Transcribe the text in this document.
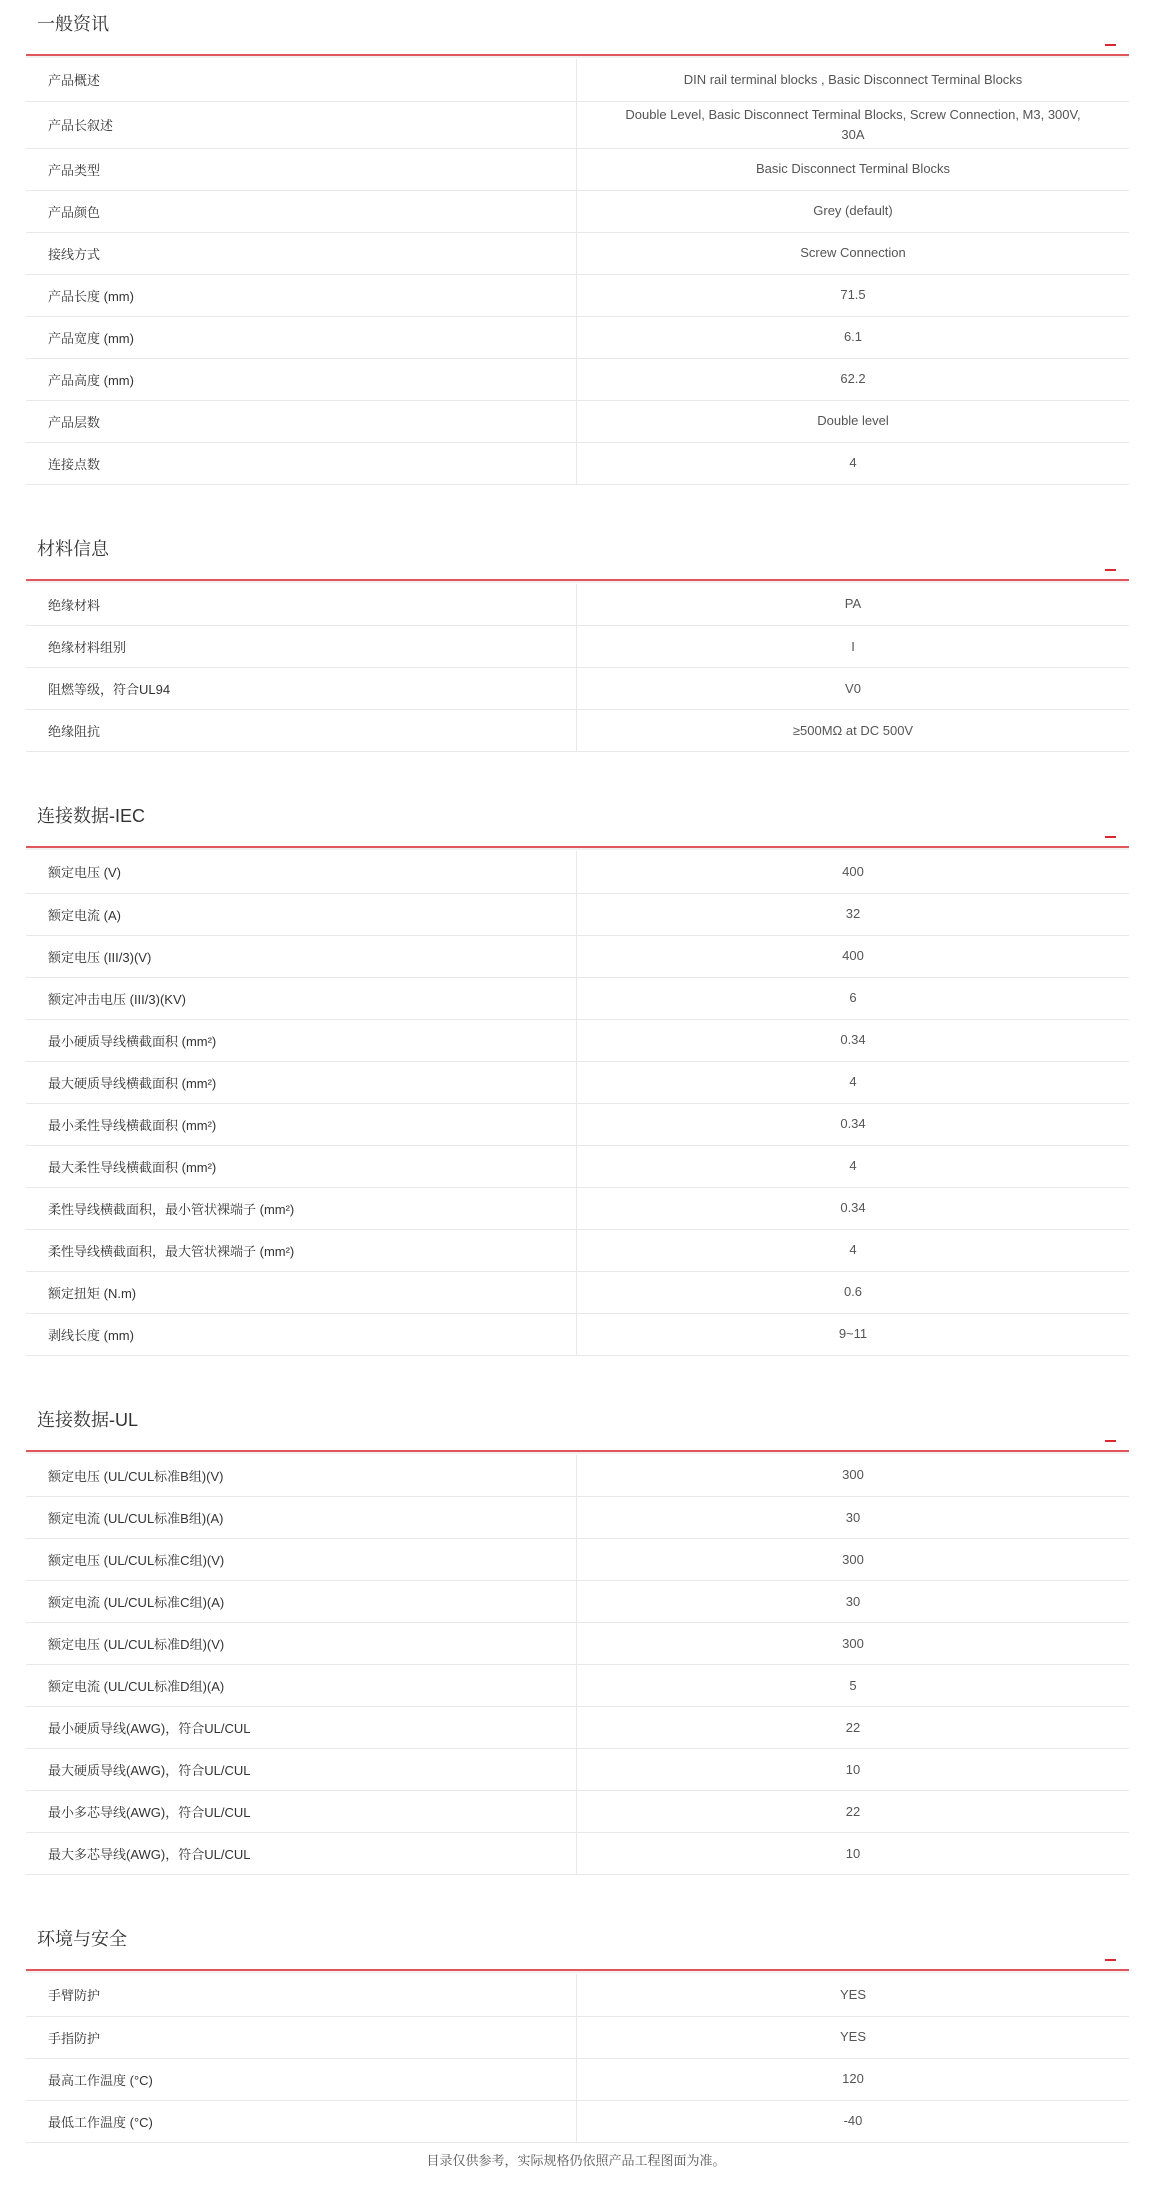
一般资讯
产品概述	DIN rail terminal blocks , Basic Disconnect Terminal Blocks
产品长叙述	Double Level, Basic Disconnect Terminal Blocks, Screw Connection, M3, 300V, 30A
产品类型	Basic Disconnect Terminal Blocks
产品颜色	Grey (default)
接线方式	Screw Connection
产品长度 (mm)	71.5
产品宽度 (mm)	6.1
产品高度 (mm)	62.2
产品层数	Double level
连接点数	4
材料信息
绝缘材料	PA
绝缘材料组别	I
阻燃等级，符合UL94	V0
绝缘阻抗	≥500MΩ at DC 500V
连接数据-IEC
额定电压 (V)	400
额定电流 (A)	32
额定电压 (III/3)(V)	400
额定冲击电压 (III/3)(KV)	6
最小硬质导线横截面积 (mm²)	0.34
最大硬质导线横截面积 (mm²)	4
最小柔性导线横截面积 (mm²)	0.34
最大柔性导线横截面积 (mm²)	4
柔性导线横截面积，最小管状裸端子 (mm²)	0.34
柔性导线横截面积，最大管状裸端子 (mm²)	4
额定扭矩 (N.m)	0.6
剥线长度 (mm)	9~11
连接数据-UL
额定电压 (UL/CUL标准B组)(V)	300
额定电流 (UL/CUL标准B组)(A)	30
额定电压 (UL/CUL标准C组)(V)	300
额定电流 (UL/CUL标准C组)(A)	30
额定电压 (UL/CUL标准D组)(V)	300
额定电流 (UL/CUL标准D组)(A)	5
最小硬质导线(AWG)，符合UL/CUL	22
最大硬质导线(AWG)，符合UL/CUL	10
最小多芯导线(AWG)，符合UL/CUL	22
最大多芯导线(AWG)，符合UL/CUL	10
环境与安全
手臂防护	YES
手指防护	YES
最高工作温度 (°C)	120
最低工作温度 (°C)	-40
目录仅供参考，实际规格仍依照产品工程图面为准。
